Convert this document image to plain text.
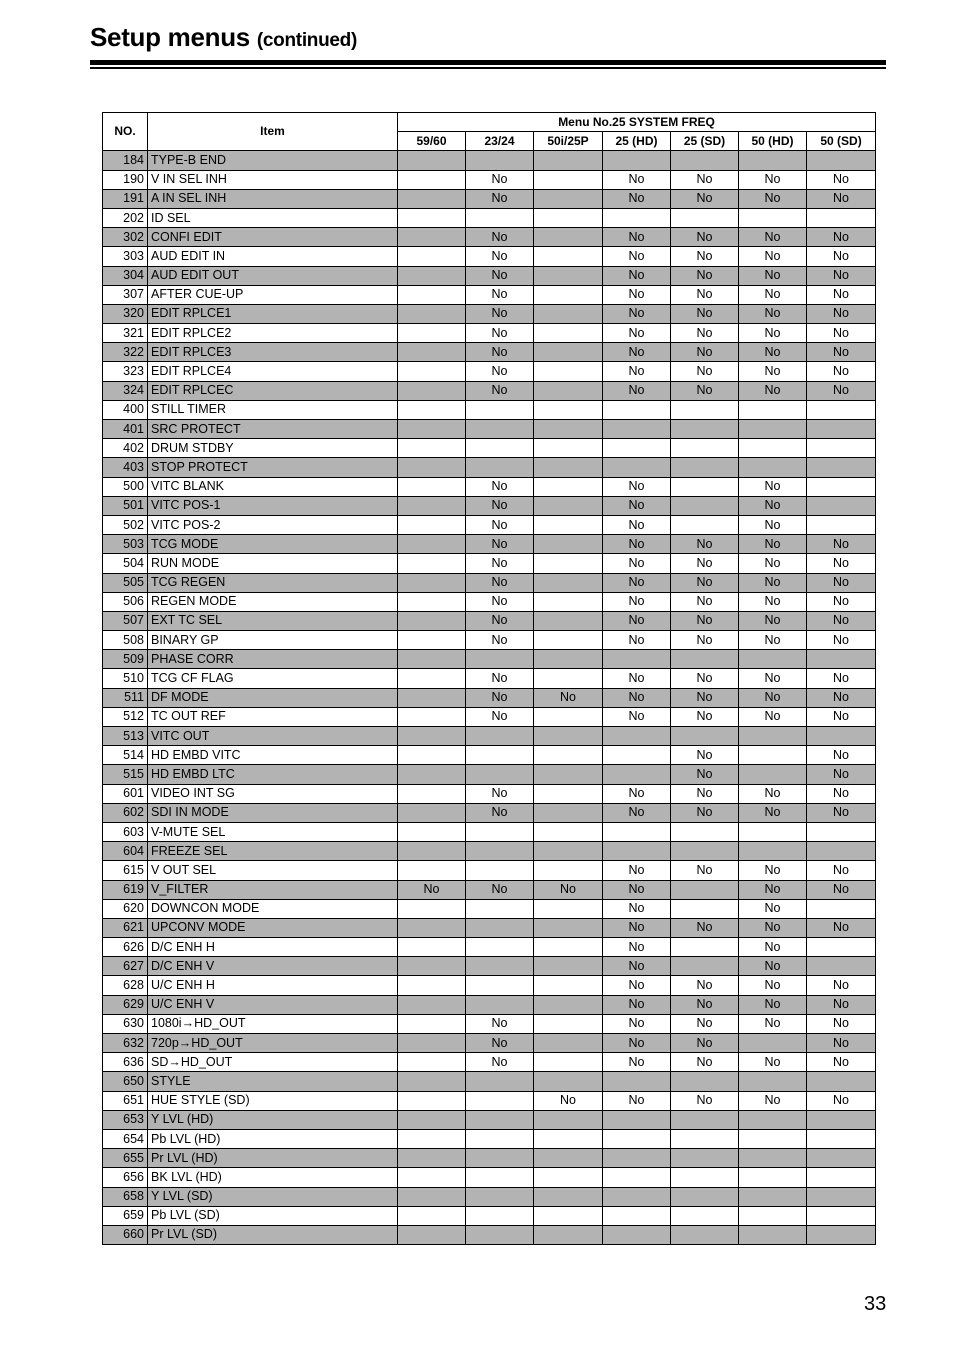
Setup menus (continued)
NO.	Item	Menu No.25 SYSTEM FREQ						
		59/60	23/24	50i/25P	25 (HD)	25 (SD)	50 (HD)	50 (SD)
184	TYPE-B END							
190	V IN SEL INH		No		No	No	No	No
191	A IN SEL INH		No		No	No	No	No
202	ID SEL							
302	CONFI EDIT		No		No	No	No	No
303	AUD EDIT IN		No		No	No	No	No
304	AUD EDIT OUT		No		No	No	No	No
307	AFTER CUE-UP		No		No	No	No	No
320	EDIT RPLCE1		No		No	No	No	No
321	EDIT RPLCE2		No		No	No	No	No
322	EDIT RPLCE3		No		No	No	No	No
323	EDIT RPLCE4		No		No	No	No	No
324	EDIT RPLCEC		No		No	No	No	No
400	STILL TIMER							
401	SRC PROTECT							
402	DRUM STDBY							
403	STOP PROTECT							
500	VITC BLANK		No		No		No	
501	VITC POS-1		No		No		No	
502	VITC POS-2		No		No		No	
503	TCG MODE		No		No	No	No	No
504	RUN MODE		No		No	No	No	No
505	TCG REGEN		No		No	No	No	No
506	REGEN MODE		No		No	No	No	No
507	EXT TC SEL		No		No	No	No	No
508	BINARY GP		No		No	No	No	No
509	PHASE CORR							
510	TCG CF FLAG		No		No	No	No	No
511	DF MODE		No	No	No	No	No	No
512	TC OUT REF		No		No	No	No	No
513	VITC OUT							
514	HD EMBD VITC					No		No
515	HD EMBD LTC					No		No
601	VIDEO INT SG		No		No	No	No	No
602	SDI IN MODE		No		No	No	No	No
603	V-MUTE SEL							
604	FREEZE SEL							
615	V OUT SEL				No	No	No	No
619	V_FILTER	No	No	No	No		No	No
620	DOWNCON MODE				No		No	
621	UPCONV MODE				No	No	No	No
626	D/C ENH H				No		No	
627	D/C ENH V				No		No	
628	U/C ENH H				No	No	No	No
629	U/C ENH V				No	No	No	No
630	1080i→HD_OUT		No		No	No	No	No
632	720p→HD_OUT		No		No	No		No
636	SD→HD_OUT		No		No	No	No	No
650	STYLE							
651	HUE STYLE (SD)			No	No	No	No	No
653	Y LVL (HD)							
654	Pb LVL (HD)							
655	Pr LVL (HD)							
656	BK LVL (HD)							
658	Y LVL (SD)							
659	Pb LVL (SD)							
660	Pr LVL (SD)							
33
